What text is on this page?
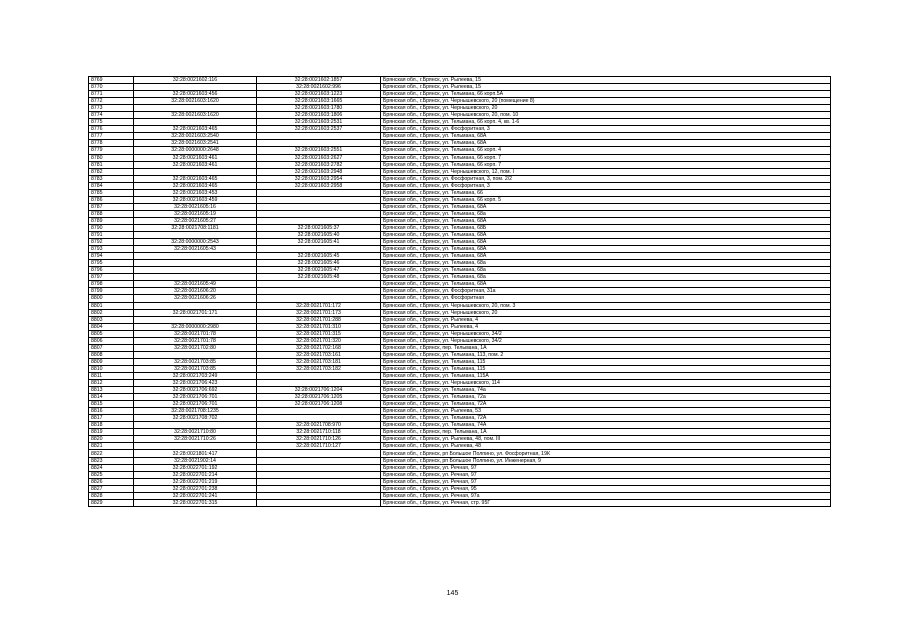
8769	32:28:0021602:116	32:28:0021602:1857	Брянская обл., г.Брянск, ул. Рылеева, 15
8770		32:28:0021602:996	Брянская обл., г.Брянск, ул. Рылеева, 15
8771	32:28:0021603:456	32:28:0021603:1223	Брянская обл., г.Брянск, ул. Тельмана, 66 корп.5А
8772	32:28:0021603:1620	32:28:0021603:1665	Брянская обл., г.Брянск, ул. Чернышевского, 20 (помещение 8)
8773		32:28:0021603:1780	Брянская обл., г.Брянск, ул. Чернышевского, 20
8774	32:28:0021603:1620	32:28:0021603:1806	Брянская обл., г.Брянск, ул. Чернышевского, 20, пом. 10
8775		32:28:0021603:2531	Брянская обл., г.Брянск, ул. Тельмана, 66 корп. 4, кв. 1-6
8776	32:28:0021603:465	32:28:0021603:2537	Брянская обл., г.Брянск, ул. Фосфоритная, 3
8777	32:28:0021603:2540		Брянская обл., г.Брянск, ул. Тельмана, 68А
8778	32:28:0021603:2541		Брянская обл., г.Брянск, ул. Тельмана, 68А
8779	32:28:0000000:2648	32:28:0021603:2551	Брянская обл., г.Брянск, ул. Тельмана, 66 корп. 4
8780	32:28:0021603:461	32:28:0021603:2627	Брянская обл., г.Брянск, ул. Тельмана, 66 корп. 7
8781	32:28:0021603:461	32:28:0021603:2782	Брянская обл., г.Брянск, ул. Тельмана, 66 корп. 7
8782		32:28:0021603:2948	Брянская обл., г.Брянск, ул. Чернышевского, 12, пом. I
8783	32:28:0021603:465	32:28:0021603:2954	Брянская обл., г.Брянск, ул. Фосфоритная, 3, пом. 2/2
8784	32:28:0021603:465	32:28:0021603:2958	Брянская обл., г.Брянск, ул. Фосфоритная, 3
8785	32:28:0021603:453		Брянская обл., г.Брянск, ул. Тельмана, 66
8786	32:28:0021603:459		Брянская обл., г.Брянск, ул. Тельмана, 66 корп. 5
8787	32:28:0021605:16		Брянская обл., г.Брянск, ул. Тельмана, 68А
8788	32:28:0021605:19		Брянская обл., г.Брянск, ул. Тельмана, 68а
8789	32:28:0021605:27		Брянская обл., г.Брянск, ул. Тельмана, 68А
8790	32:28:0021708:1181	32:28:0021605:37	Брянская обл., г.Брянск, ул. Тельмана, 68Б
8791		32:28:0021605:40	Брянская обл., г.Брянск, ул. Тельмана, 68А
8792	32:28:0000000:2543	32:28:0021605:41	Брянская обл., г.Брянск, ул. Тельмана, 68А
8793	32:28:0021605:43		Брянская обл., г.Брянск, ул. Тельмана, 68А
8794		32:28:0021605:45	Брянская обл., г.Брянск, ул. Тельмана, 68А
8795		32:28:0021605:46	Брянская обл., г.Брянск, ул. Тельмана, 68а
8796		32:28:0021605:47	Брянская обл., г.Брянск, ул. Тельмана, 68а
8797		32:28:0021605:48	Брянская обл., г.Брянск, ул. Тельмана, 68а
8798	32:28:0021605:49		Брянская обл., г.Брянск, ул. Тельмана, 68А
8799	32:28:0021606:20		Брянская обл., г.Брянск, ул. Фосфоритная, 31а
8800	32:28:0021606:26		Брянская обл., г.Брянск, ул. Фосфоритная
8801		32:28:0021701:172	Брянская обл., г.Брянск, ул. Чернышевского, 20, пом. 3
8802	32:28:0021701:171	32:28:0021701:173	Брянская обл., г.Брянск, ул. Чернышевского, 20
8803		32:28:0021701:288	Брянская обл., г.Брянск, ул. Рылеева, 4
8804	32:28:0000000:2980	32:28:0021701:310	Брянская обл., г.Брянск, ул. Рылеева, 4
8805	32:28:0021701:78	32:28:0021701:315	Брянская обл., г.Брянск, ул. Чернышевского, 34/2
8806	32:28:0021701:78	32:28:0021701:320	Брянская обл., г.Брянск, ул. Чернышевского, 34/2
8807	32:28:0021702:80	32:28:0021702:168	Брянская обл., г.Брянск, пер. Тельмана, 1А
8808		32:28:0021703:161	Брянская обл., г.Брянск, ул. Тельмана, 113, пом. 2
8809	32:28:0021703:85	32:28:0021703:181	Брянская обл., г.Брянск, ул. Тельмана, 115
8810	32:28:0021703:85	32:28:0021703:182	Брянская обл., г.Брянск, ул. Тельмана, 115
8811	32:28:0021703:249		Брянская обл., г.Брянск, ул. Тельмана, 115А
8812	32:28:0021706:423		Брянская обл., г.Брянск, ул. Чернышевского, 114
8813	32:28:0021706:692	32:28:0021706:1204	Брянская обл., г.Брянск, ул. Тельмана, 74а
8814	32:28:0021706:701	32:28:0021706:1205	Брянская обл., г.Брянск, ул. Тельмана, 72а
8815	32:28:0021706:701	32:28:0021706:1208	Брянская обл., г.Брянск, ул. Тельмана, 72А
8816	32:28:0021708:1235		Брянская обл., г.Брянск, ул. Рылеева, 53
8817	32:28:0021708:702		Брянская обл., г.Брянск, ул. Тельмана, 72А
8818		32:28:0021708:970	Брянская обл., г.Брянск, ул. Тельмана, 74А
8819	32:28:0021710:80	32:28:0021710:118	Брянская обл., г.Брянск, пер. Тельмана, 1А
8820	32:28:0021710:26	32:28:0021710:126	Брянская обл., г.Брянск, ул. Рылеева, 48, пом. III
8821		32:28:0021710:127	Брянская обл., г.Брянск, ул. Рылеева, 48
8822	32:28:0021801:417		Брянская обл., г.Брянск, рп Большое Полпино, ул. Фосфоритная, 19К
8823	32:28:0021902:14		Брянская обл., г.Брянск, рп Большое Полпино, ул. Инженерная, 9
8824	32:28:0022701:192		Брянская обл., г.Брянск, ул. Речная, 97
8825	32:28:0022701:214		Брянская обл., г.Брянск, ул. Речная, 97
8826	32:28:0022701:219		Брянская обл., г.Брянск, ул. Речная, 97
8827	32:28:0022701:238		Брянская обл., г.Брянск, ул. Речная, 95
8828	32:28:0022701:241		Брянская обл., г.Брянск, ул. Речная, 97а
8829	32:28:0022701:315		Брянская обл., г.Брянск, ул. Речная, стр. 95Г
145
